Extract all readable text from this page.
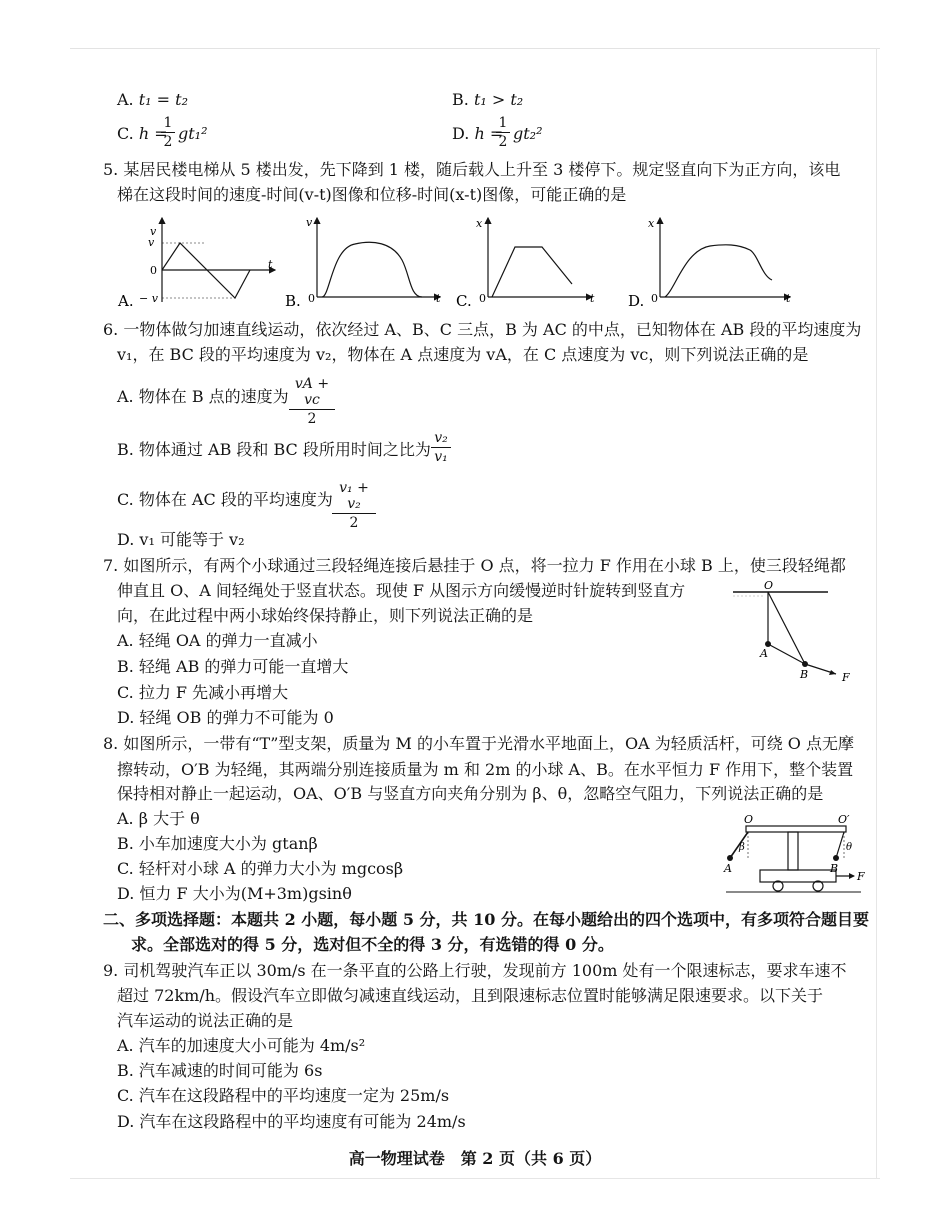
A. t₁ = t₂	B. t₁ > t₂
C. h =
1
2 gt₁²	D. h =
1
2 gt₂²
5. 某居民楼电梯从 5 楼出发，先下降到 1 楼，随后载人上升至 3 楼停下。规定竖直向下为正方向，该电
梯在这段时间的速度-时间(v-t)图像和位移-时间(x-t)图像，可能正确的是
v
v
0
− v
t
A.
v
0	t
B.
x
0	t
C.
x
0	t
D.
6. 一物体做匀加速直线运动，依次经过 A、B、C 三点，B 为 AC 的中点，已知物体在 AB 段的平均速度为
v₁，在 BC 段的平均速度为 v₂，物体在 A 点速度为 vA，在 C 点速度为 vc，则下列说法正确的是
A. 物体在 B 点的速度为
vA + vc
2
B. 物体通过 AB 段和 BC 段所用时间之比为
v₂
v₁
C. 物体在 AC 段的平均速度为
v₁ + v₂
2
D. v₁ 可能等于 v₂
7. 如图所示，有两个小球通过三段轻绳连接后悬挂于 O 点，将一拉力 F 作用在小球 B 上，使三段轻绳都
伸直且 O、A 间轻绳处于竖直状态。现使 F 从图示方向缓慢逆时针旋转到竖直方
向，在此过程中两小球始终保持静止，则下列说法正确的是
A. 轻绳 OA 的弹力一直减小
B. 轻绳 AB 的弹力可能一直增大
C. 拉力 F 先减小再增大
D. 轻绳 OB 的弹力不可能为 0
O
A
B	F
8. 如图所示，一带有“T”型支架，质量为 M 的小车置于光滑水平地面上，OA 为轻质活杆，可绕 O 点无摩
擦转动，O′B 为轻绳，其两端分别连接质量为 m 和 2m 的小球 A、B。在水平恒力 F 作用下，整个装置
保持相对静止一起运动，OA、O′B 与竖直方向夹角分别为 β、θ，忽略空气阻力，下列说法正确的是
A. β 大于 θ
B. 小车加速度大小为 gtanβ
C. 轻杆对小球 A 的弹力大小为 mgcosβ
D. 恒力 F 大小为(M+3m)gsinθ
O	O′
β	θ
A	B
F
二、多项选择题：本题共 2 小题，每小题 5 分，共 10 分。在每小题给出的四个选项中，有多项符合题目要
求。全部选对的得 5 分，选对但不全的得 3 分，有选错的得 0 分。
9. 司机驾驶汽车正以 30m/s 在一条平直的公路上行驶，发现前方 100m 处有一个限速标志，要求车速不
超过 72km/h。假设汽车立即做匀减速直线运动，且到限速标志位置时能够满足限速要求。以下关于
汽车运动的说法正确的是
A. 汽车的加速度大小可能为 4m/s²
B. 汽车减速的时间可能为 6s
C. 汽车在这段路程中的平均速度一定为 25m/s
D. 汽车在这段路程中的平均速度有可能为 24m/s
高一物理试卷　第 2 页（共 6 页）
